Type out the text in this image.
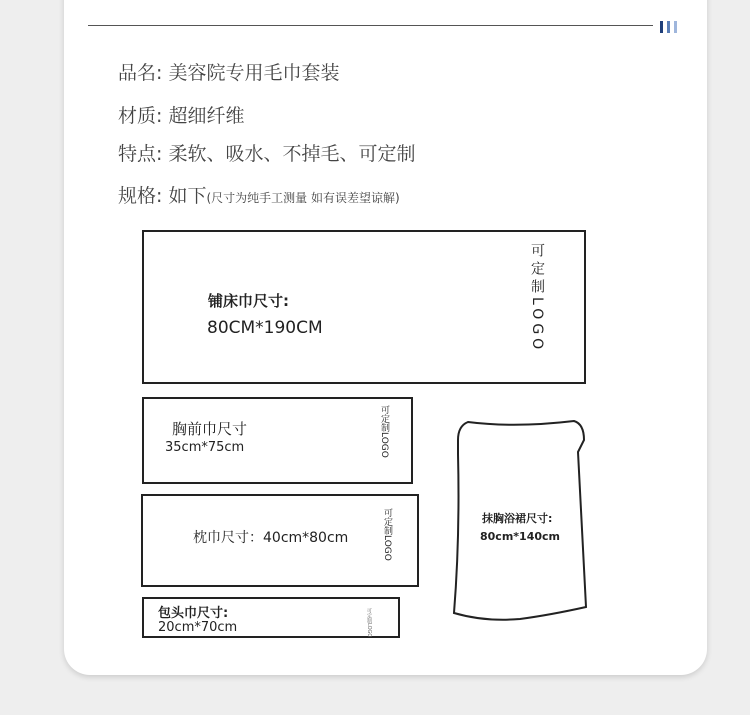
品名: 美容院专用毛巾套装
材质: 超细纤维
特点: 柔软、吸水、不掉毛、可定制
规格: 如下(尺寸为纯手工测量 如有误差望谅解)
铺床巾尺寸:
80CM*190CM	可定制LOGO
胸前巾尺寸
35cm*75cm	可定制LOGO
枕巾尺寸：40cm*80cm	可定制LOGO
包头巾尺寸:
20cm*70cm	可定制LOGO
抹胸浴裙尺寸:
80cm*140cm
